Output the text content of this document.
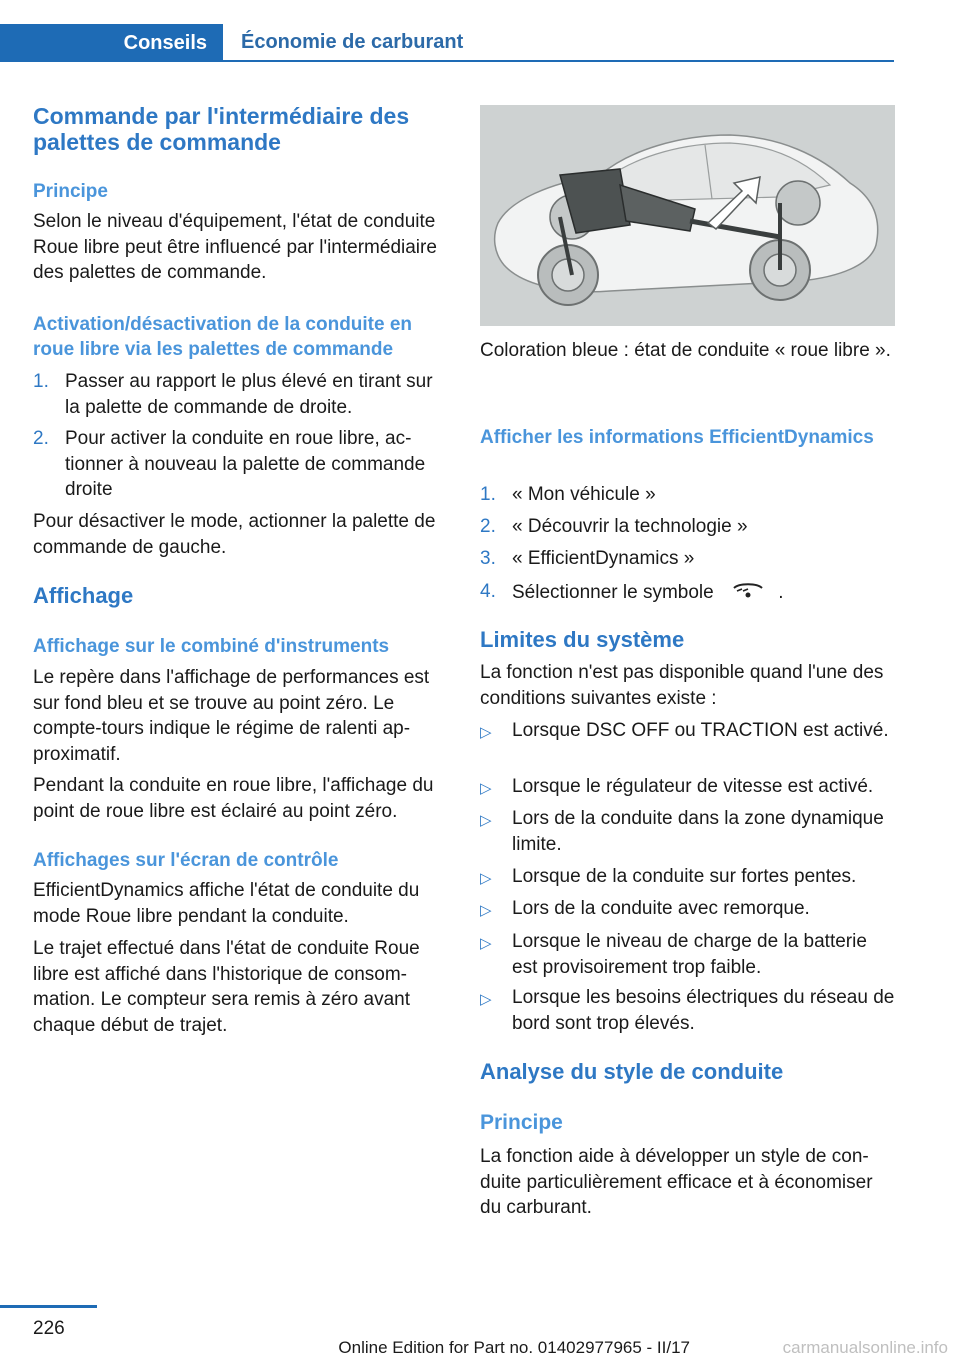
Conseils Économie de carburant
Commande par l'intermédiaire des palettes de commande
Principe

Selon le niveau d'équipement, l'état de conduite Roue libre peut être influencé par l'intermédiaire des palettes de commande.

Activation/désactivation de la conduite en roue libre via les palettes de commande
1. Passer au rapport le plus élevé en tirant sur la palette de commande de droite.
2. Pour activer la conduite en roue libre, actionner à nouveau la palette de commande droite

Pour désactiver le mode, actionner la palette de commande de gauche.

Affichage
Affichage sur le combiné d'instruments

Le repère dans l'affichage de performances est sur fond bleu et se trouve au point zéro. Le compte-tours indique le régime de ralenti approximatif.

Pendant la conduite en roue libre, l'affichage du point de roue libre est éclairé au point zéro.

Affichages sur l'écran de contrôle

EfficientDynamics affiche l'état de conduite du mode Roue libre pendant la conduite.

Le trajet effectué dans l'état de conduite Roue libre est affiché dans l'historique de consommation. Le compteur sera remis à zéro avant chaque début de trajet.

Coloration bleue : état de conduite « roue libre ».

Afficher les informations EfficientDynamics
1. « Mon véhicule »
2. « Découvrir la technologie »
3. « EfficientDynamics »
4. Sélectionner le symbole	.
Limites du système

La fonction n'est pas disponible quand l'une des conditions suivantes existe :

▷	Lorsque DSC OFF ou TRACTION est activé.
▷	Lorsque le régulateur de vitesse est activé.
▷	Lors de la conduite dans la zone dynamique limite.
▷	Lorsque de la conduite sur fortes pentes.
▷	Lors de la conduite avec remorque.
▷	Lorsque le niveau de charge de la batterie est provisoirement trop faible.
▷	Lorsque les besoins électriques du réseau de bord sont trop élevés.
Analyse du style de conduite
Principe

La fonction aide à développer un style de conduite particulièrement efficace et à économiser du carburant.

226
Online Edition for Part no. 01402977965 - II/17	carmanualsonline.info
